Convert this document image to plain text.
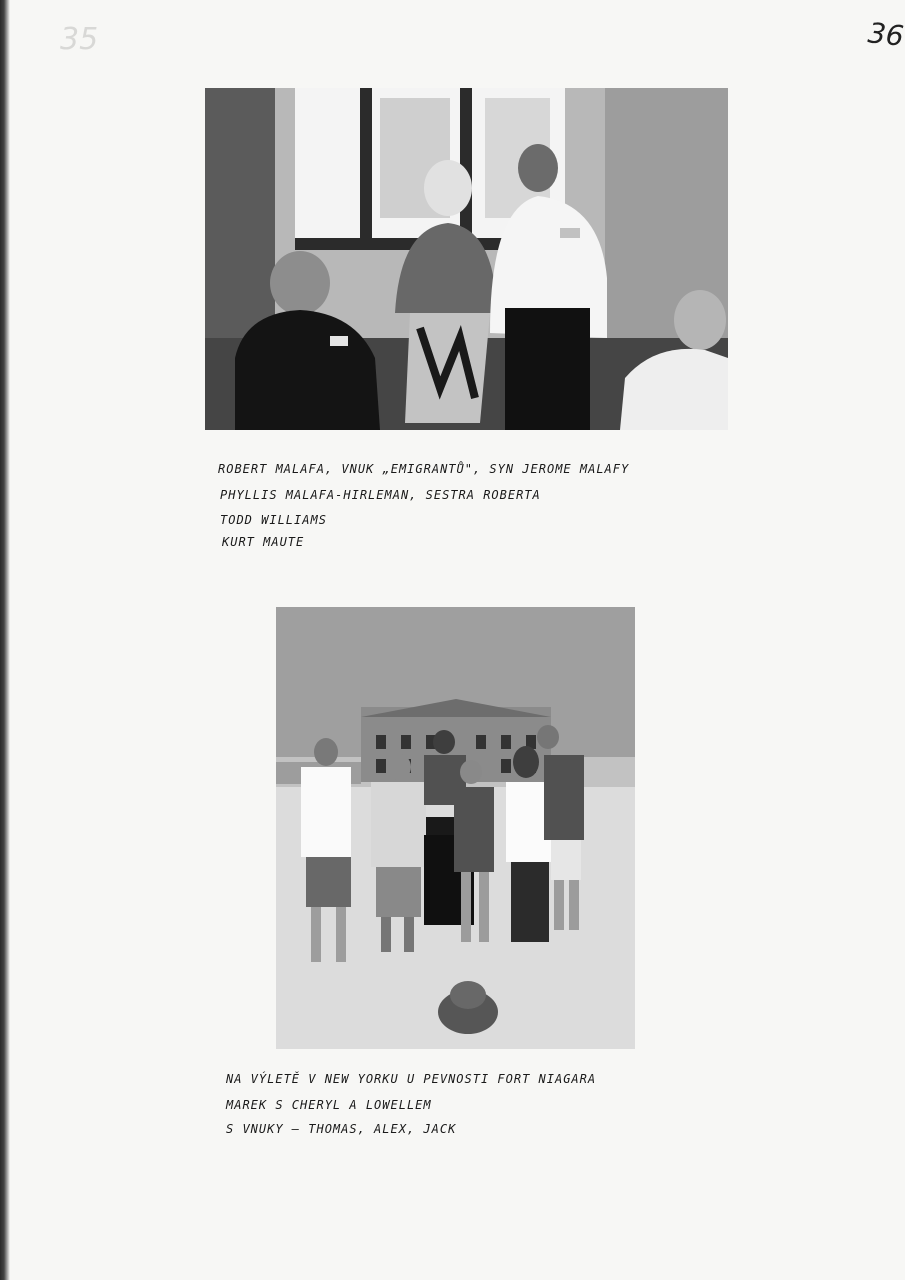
35	36
ROBERT MALAFA, VNUK „EMIGRANTŮ", SYN JEROME MALAFY
PHYLLIS MALAFA-HIRLEMAN, SESTRA ROBERTA
TODD WILLIAMS
KURT MAUTE
NA VÝLETĚ V NEW YORKU U PEVNOSTI FORT NIAGARA
MAREK S CHERYL A LOWELLEM
S VNUKY – THOMAS, ALEX, JACK
